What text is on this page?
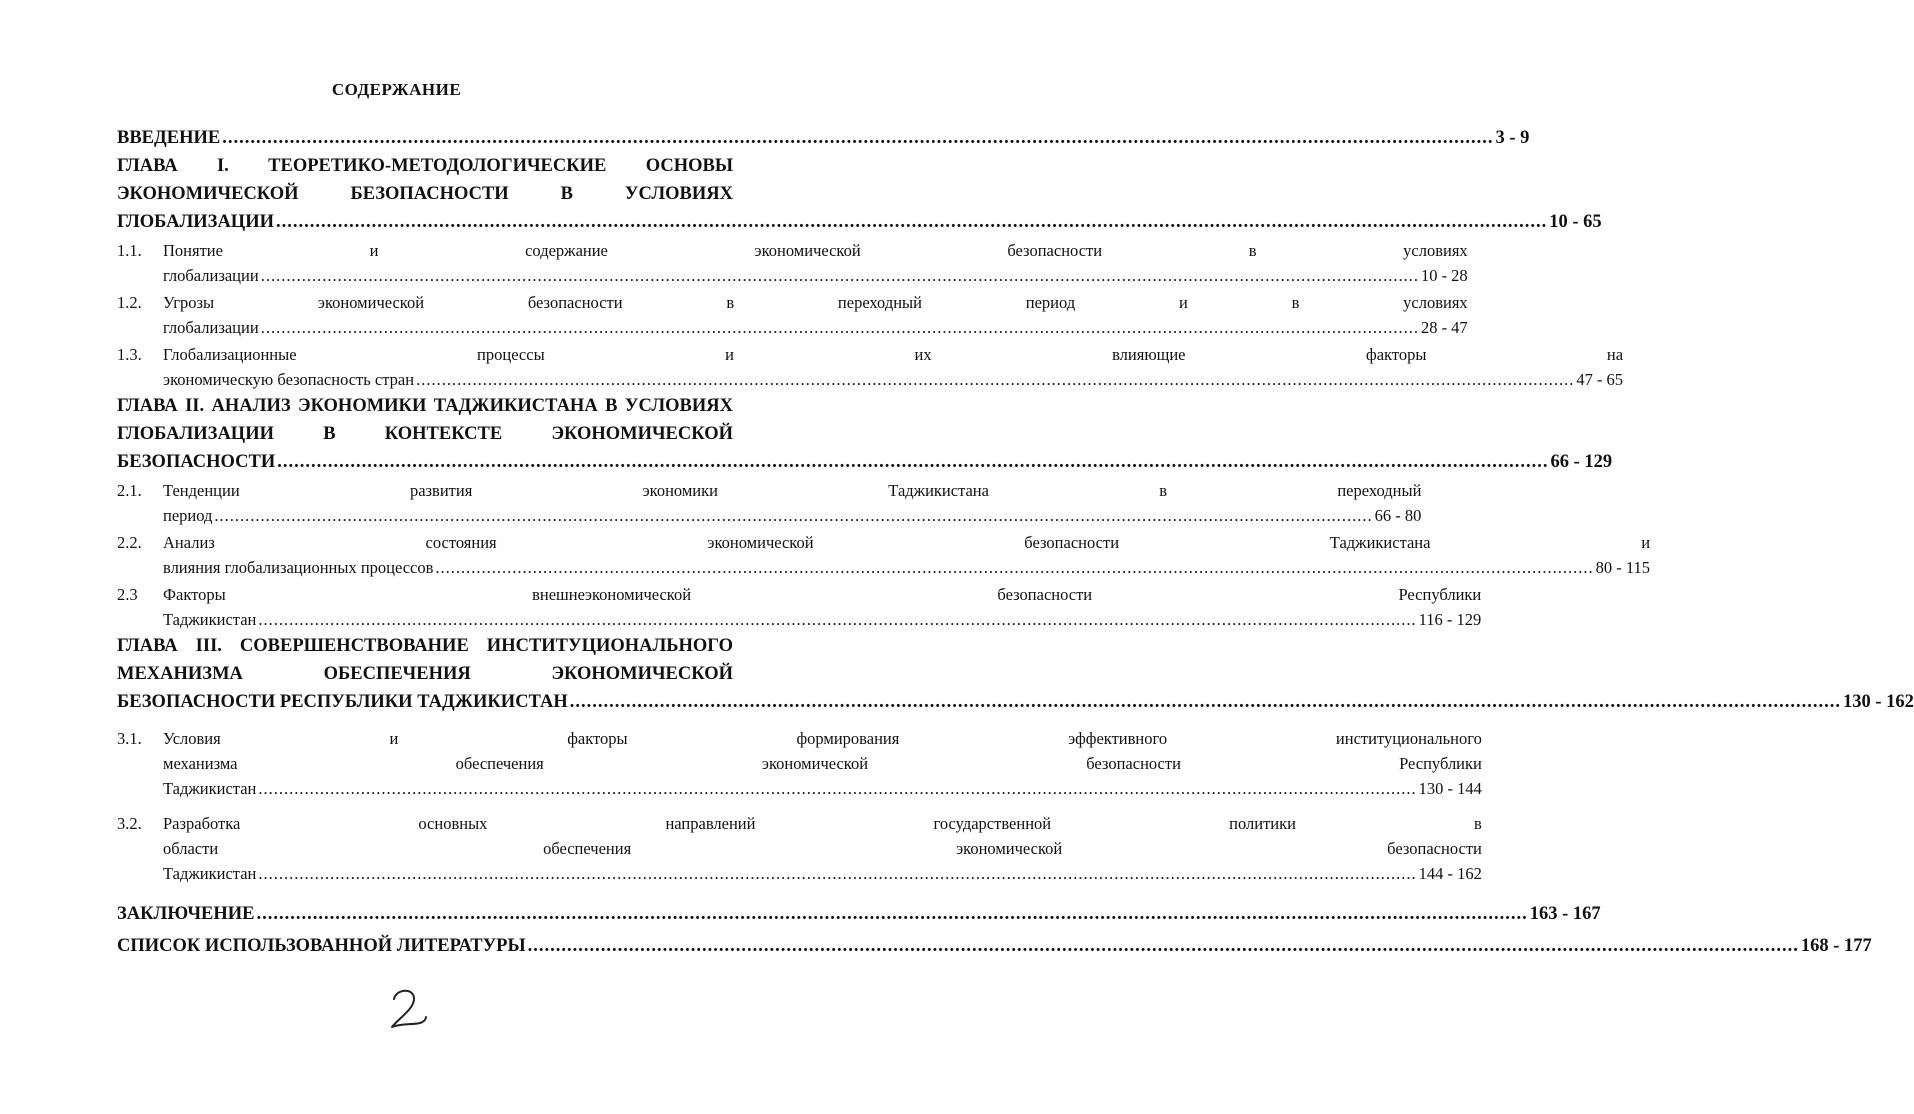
СОДЕРЖАНИЕ
ВВЕДЕНИЕ .....	3 - 9
ГЛАВА I. ТЕОРЕТИКО-МЕТОДОЛОГИЧЕСКИЕ ОСНОВЫ
ЭКОНОМИЧЕСКОЙ БЕЗОПАСНОСТИ В УСЛОВИЯХ
ГЛОБАЛИЗАЦИИ .....	10 - 65
1.1.	Понятие и содержание экономической безопасности в условиях
глобализации .....	10 - 28
1.2.	Угрозы экономической безопасности в переходный период и в условиях
глобализации .....	28 - 47
1.3.	Глобализационные процессы и их влияющие факторы на
экономическую безопасность стран .....	47 - 65
ГЛАВА II. АНАЛИЗ ЭКОНОМИКИ ТАДЖИКИСТАНА В УСЛОВИЯХ
ГЛОБАЛИЗАЦИИ В КОНТЕКСТЕ ЭКОНОМИЧЕСКОЙ
БЕЗОПАСНОСТИ .....	66 - 129
2.1.	Тенденции развития экономики Таджикистана в переходный
период .....	66 - 80
2.2.	Анализ состояния экономической безопасности Таджикистана и
влияния глобализационных процессов .....	80 - 115
2.3	Факторы внешнеэкономической безопасности Республики
Таджикистан .....	116 - 129
ГЛАВА III. СОВЕРШЕНСТВОВАНИЕ ИНСТИТУЦИОНАЛЬНОГО
МЕХАНИЗМА ОБЕСПЕЧЕНИЯ ЭКОНОМИЧЕСКОЙ
БЕЗОПАСНОСТИ РЕСПУБЛИКИ ТАДЖИКИСТАН .....	130 - 162
3.1.	Условия и факторы формирования эффективного институционального
механизма обеспечения экономической безопасности Республики
Таджикистан .....	130 - 144
3.2.	Разработка основных направлений государственной политики в
области обеспечения экономической безопасности
Таджикистан .....	144 - 162
ЗАКЛЮЧЕНИЕ .....	163 - 167
СПИСОК ИСПОЛЬЗОВАННОЙ ЛИТЕРАТУРЫ .....	168 - 177
